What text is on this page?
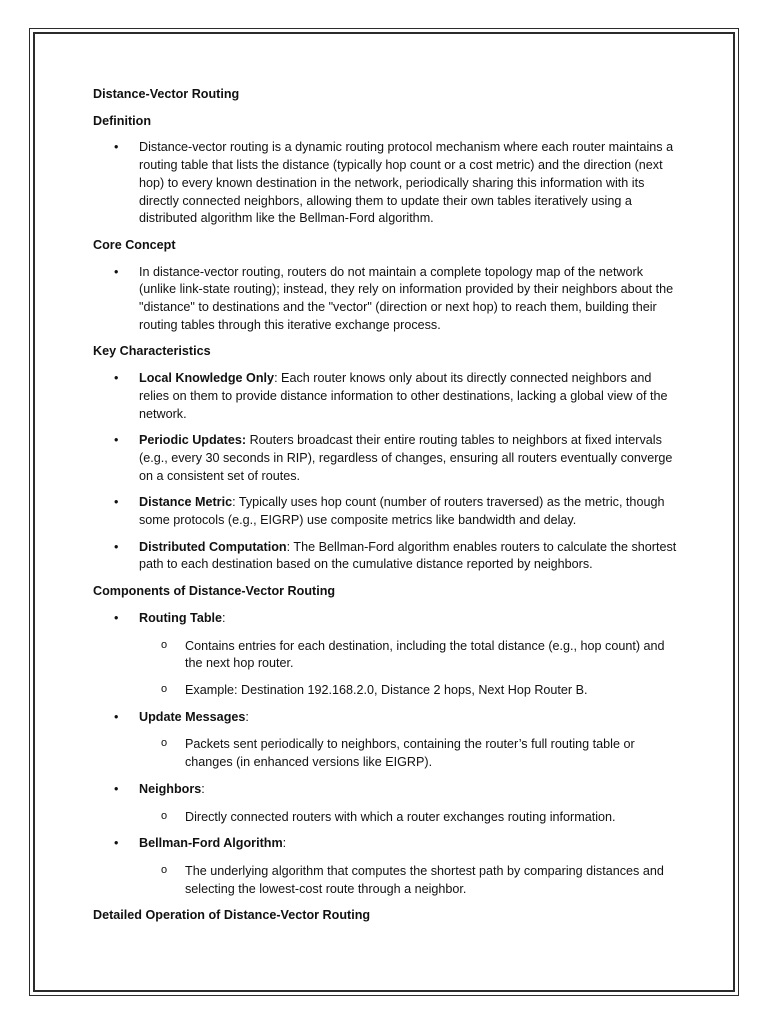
Distance-Vector Routing
Definition
• Distance-vector routing is a dynamic routing protocol mechanism where each router maintains a routing table that lists the distance (typically hop count or a cost metric) and the direction (next hop) to every known destination in the network, periodically sharing this information with its directly connected neighbors, allowing them to update their own tables iteratively using a distributed algorithm like the Bellman-Ford algorithm.
Core Concept
• In distance-vector routing, routers do not maintain a complete topology map of the network (unlike link-state routing); instead, they rely on information provided by their neighbors about the "distance" to destinations and the "vector" (direction or next hop) to reach them, building their routing tables through this iterative exchange process.
Key Characteristics
• Local Knowledge Only: Each router knows only about its directly connected neighbors and relies on them to provide distance information to other destinations, lacking a global view of the network.
• Periodic Updates: Routers broadcast their entire routing tables to neighbors at fixed intervals (e.g., every 30 seconds in RIP), regardless of changes, ensuring all routers eventually converge on a consistent set of routes.
• Distance Metric: Typically uses hop count (number of routers traversed) as the metric, though some protocols (e.g., EIGRP) use composite metrics like bandwidth and delay.
• Distributed Computation: The Bellman-Ford algorithm enables routers to calculate the shortest path to each destination based on the cumulative distance reported by neighbors.
Components of Distance-Vector Routing
• Routing Table:
o Contains entries for each destination, including the total distance (e.g., hop count) and the next hop router.
o Example: Destination 192.168.2.0, Distance 2 hops, Next Hop Router B.
• Update Messages:
o Packets sent periodically to neighbors, containing the router’s full routing table or changes (in enhanced versions like EIGRP).
• Neighbors:
o Directly connected routers with which a router exchanges routing information.
• Bellman-Ford Algorithm:
o The underlying algorithm that computes the shortest path by comparing distances and selecting the lowest-cost route through a neighbor.
Detailed Operation of Distance-Vector Routing
